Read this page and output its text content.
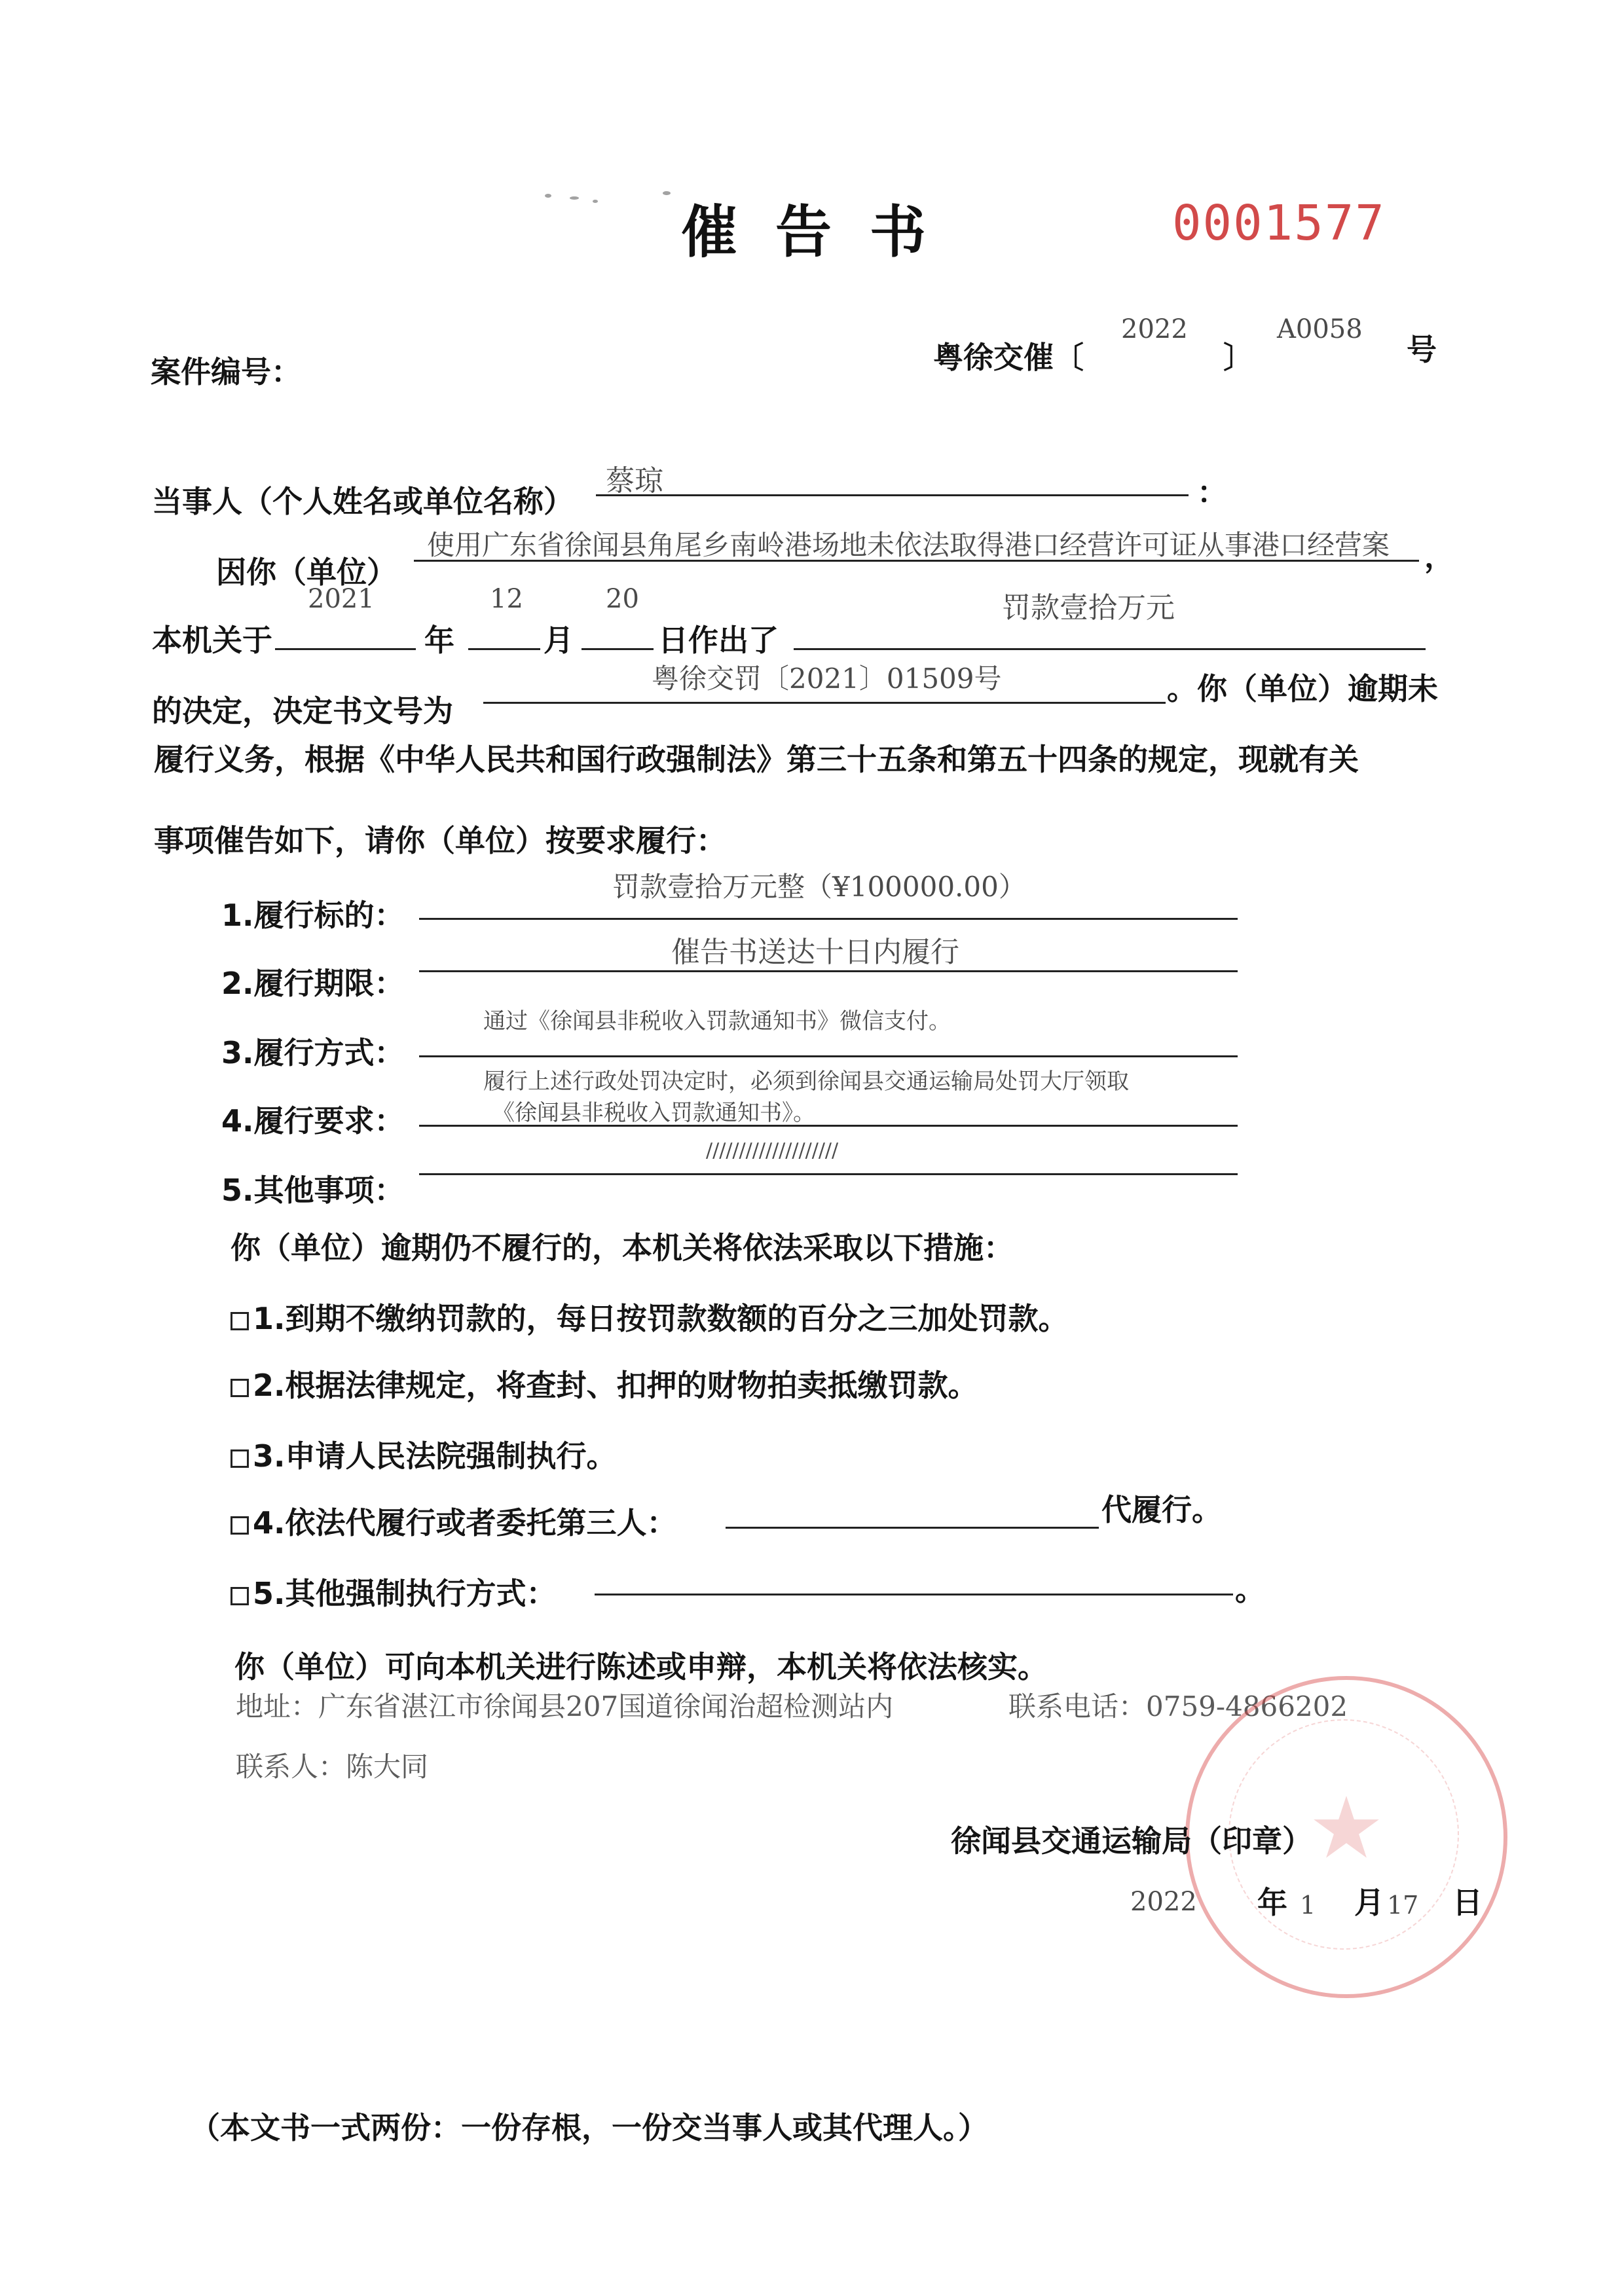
催告书	0001577
案件编号：	粤徐交催〔
2022
〕
A0058
号
当事人（个人姓名或单位名称）
蔡琼	：
因你（单位）
使用广东省徐闻县角尾乡南岭港场地未依法取得港口经营许可证从事港口经营案 ，
本机关于
2021
年
12
月
20
日作出了
罚款壹拾万元
的决定，决定书文号为
粤徐交罚〔2021〕01509号	。你（单位）逾期未
履行义务，根据《中华人民共和国行政强制法》第三十五条和第五十四条的规定，现就有关
事项催告如下，请你（单位）按要求履行：
1.履行标的：
罚款壹拾万元整（¥100000.00）
2.履行期限：
催告书送达十日内履行
3.履行方式：
通过《徐闻县非税收入罚款通知书》微信支付。
4.履行要求：
履行上述行政处罚决定时，必须到徐闻县交通运输局处罚大厅领取
《徐闻县非税收入罚款通知书》。
5.其他事项：
////////////////////
你（单位）逾期仍不履行的，本机关将依法采取以下措施：
1.到期不缴纳罚款的，每日按罚款数额的百分之三加处罚款。
2.根据法律规定，将查封、扣押的财物拍卖抵缴罚款。
3.申请人民法院强制执行。
4.依法代履行或者委托第三人：	代履行。
5.其他强制执行方式：	。
你（单位）可向本机关进行陈述或申辩，本机关将依法核实。
地址：广东省湛江市徐闻县207国道徐闻治超检测站内	联系电话：0759-4866202
联系人：陈大同
★
徐闻县交通运输局（印章）
2022 年 1 月 17 日
（本文书一式两份：一份存根，一份交当事人或其代理人。）
